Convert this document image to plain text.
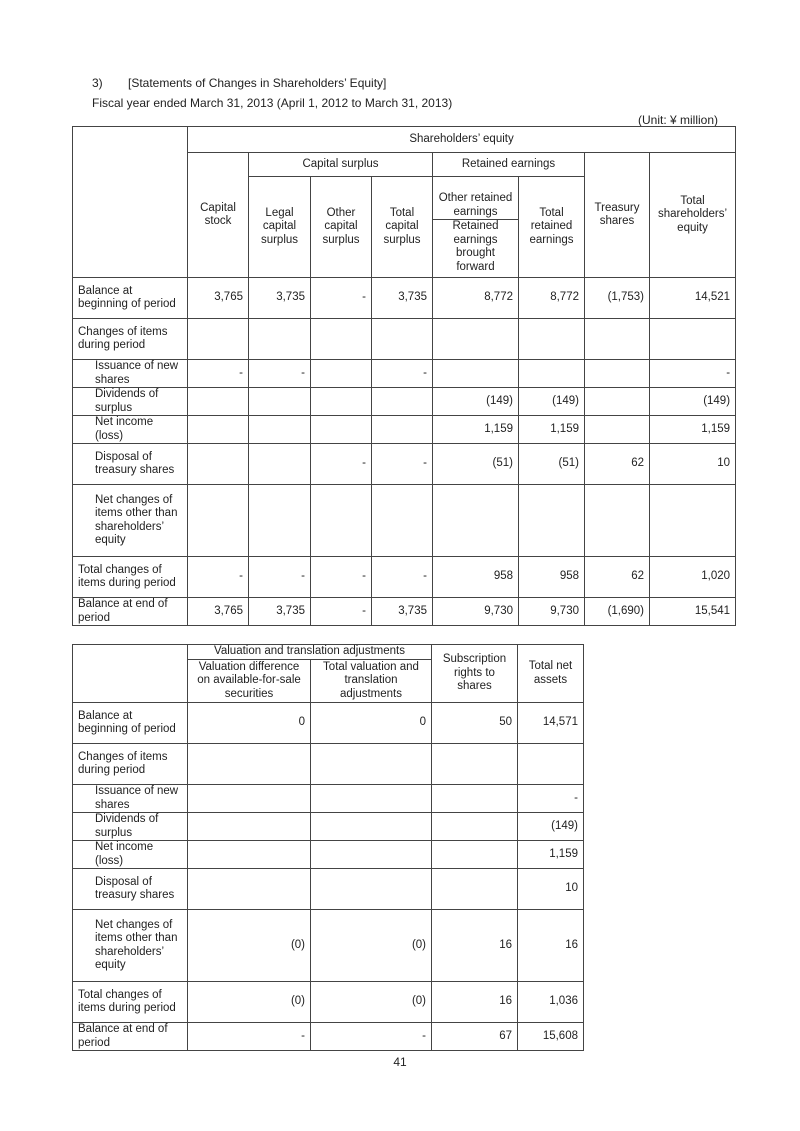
3) [Statements of Changes in Shareholders’ Equity]
Fiscal year ended March 31, 2013 (April 1, 2012 to March 31, 2013)
(Unit: ¥ million)
	Shareholders’ equity							
	Capital stock	Capital surplus			Retained earnings		Treasury shares	Total shareholders’ equity
		Legal capital surplus	Other capital surplus	Total capital surplus	Other retained earnings	Total retained earnings		
					Retained earnings brought forward			
Balance at beginning of period	3,765	3,735	-	3,735	8,772	8,772	(1,753)	14,521
Changes of items during period								
Issuance of new shares	-	-		-				-
Dividends of surplus					(149)	(149)		(149)
Net income (loss)					1,159	1,159		1,159
Disposal of treasury shares			-	-	(51)	(51)	62	10
Net changes of items other than shareholders’ equity								
Total changes of items during period	-	-	-	-	958	958	62	1,020
Balance at end of period	3,765	3,735	-	3,735	9,730	9,730	(1,690)	15,541
	Valuation and translation adjustments		Subscription rights to shares	Total net assets
	Valuation difference on available-for-sale securities	Total valuation and translation adjustments		
Balance at beginning of period	0	0	50	14,571
Changes of items during period				
Issuance of new shares				-
Dividends of surplus				(149)
Net income (loss)				1,159
Disposal of treasury shares				10
Net changes of items other than shareholders’ equity	(0)	(0)	16	16
Total changes of items during period	(0)	(0)	16	1,036
Balance at end of period	-	-	67	15,608
41
